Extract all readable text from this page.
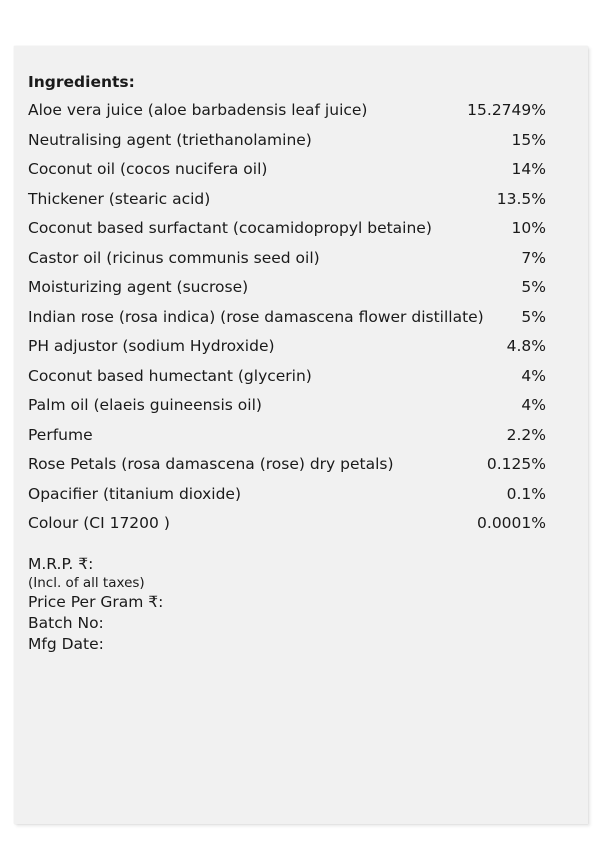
Ingredients:
Aloe vera juice (aloe barbadensis leaf juice)	15.2749%
Neutralising agent (triethanolamine)	15%
Coconut oil (cocos nucifera oil)	14%
Thickener (stearic acid)	13.5%
Coconut based surfactant (cocamidopropyl betaine)	10%
Castor oil (ricinus communis seed oil)	7%
Moisturizing agent (sucrose)	5%
Indian rose (rosa indica) (rose damascena flower distillate)	5%
PH adjustor (sodium Hydroxide)	4.8%
Coconut based humectant (glycerin)	4%
Palm oil (elaeis guineensis oil)	4%
Perfume	2.2%
Rose Petals (rosa damascena (rose) dry petals)	0.125%
Opacifier (titanium dioxide)	0.1%
Colour (CI 17200 )	0.0001%
M.R.P. ₹:
(Incl. of all taxes)
Price Per Gram ₹:
Batch No:
Mfg Date:
